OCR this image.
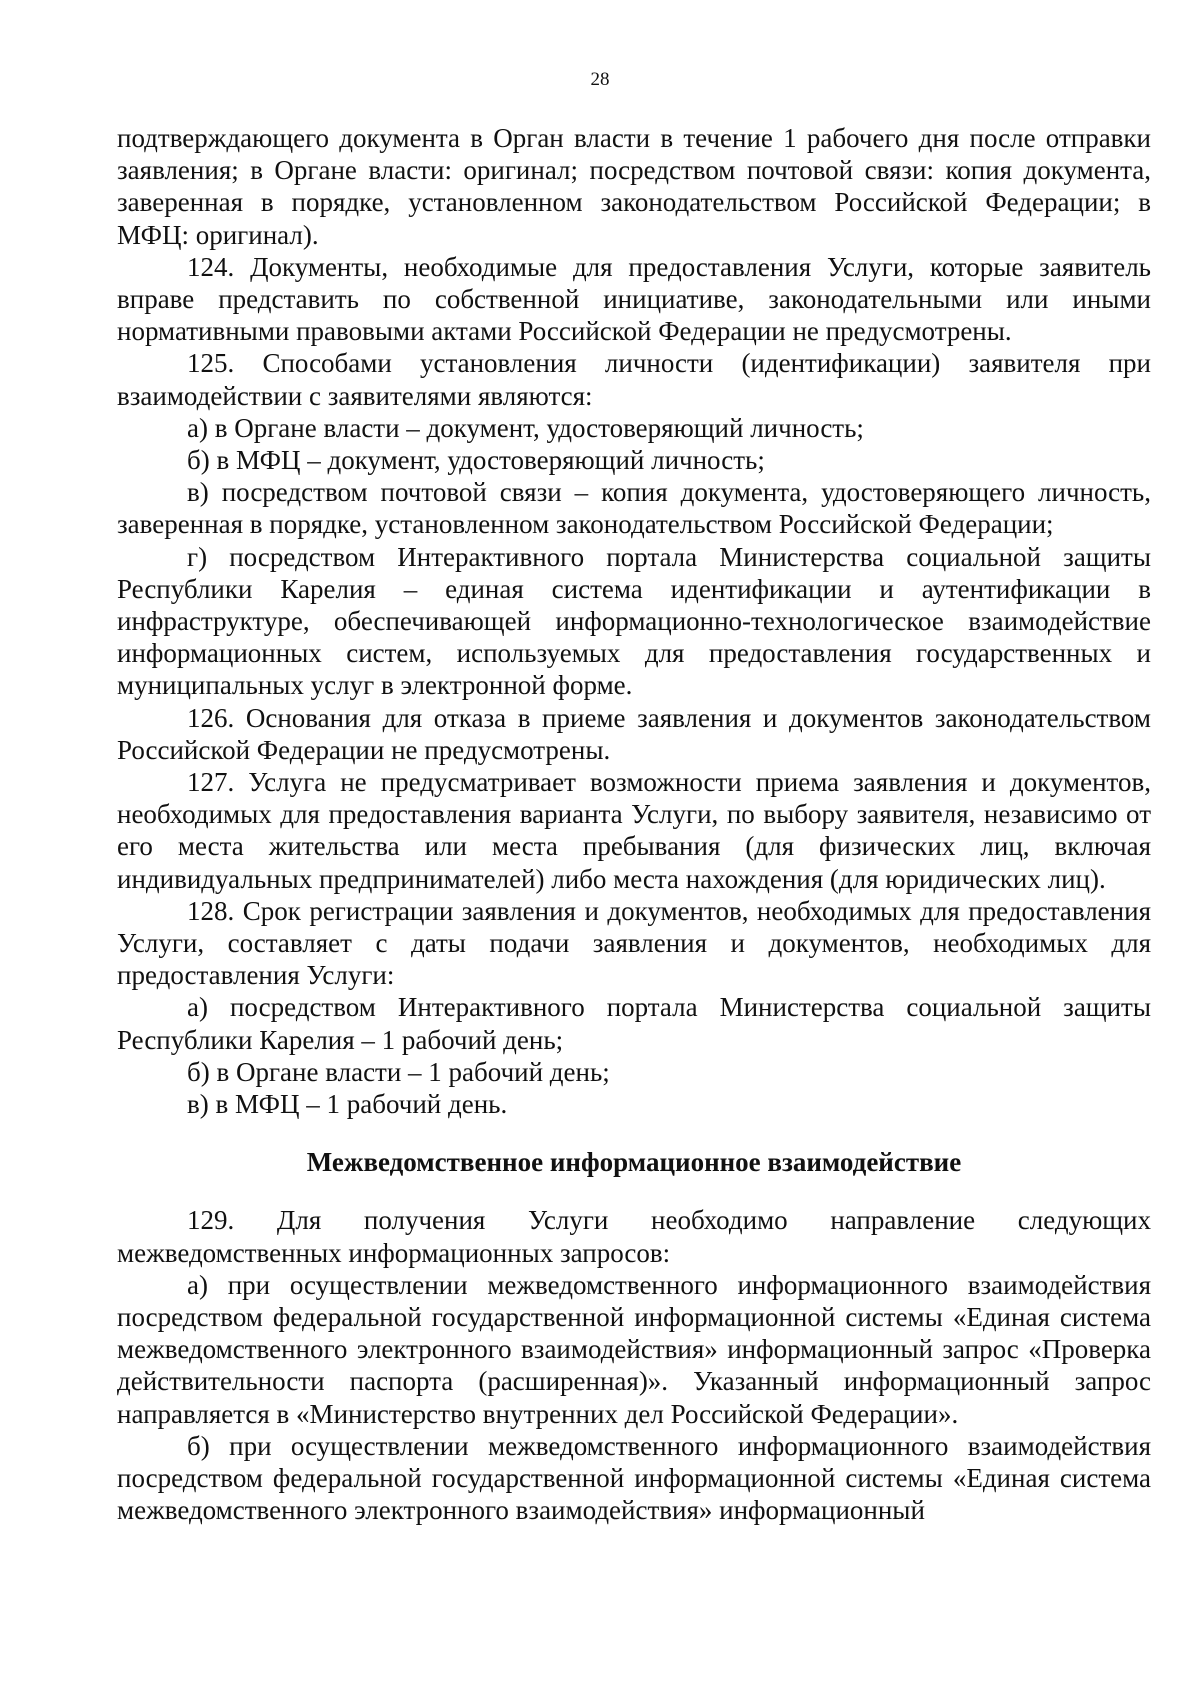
28

подтверждающего документа в Орган власти в течение 1 рабочего дня после отправки заявления; в Органе власти: оригинал; посредством почтовой связи: копия документа, заверенная в порядке, установленном законодательством Российской Федерации; в МФЦ: оригинал).

124. Документы, необходимые для предоставления Услуги, которые заявитель вправе представить по собственной инициативе, законодательными или иными нормативными правовыми актами Российской Федерации не предусмотрены.

125. Способами установления личности (идентификации) заявителя при взаимодействии с заявителями являются:

а) в Органе власти – документ, удостоверяющий личность;

б) в МФЦ – документ, удостоверяющий личность;

в) посредством почтовой связи – копия документа, удостоверяющего личность, заверенная в порядке, установленном законодательством Российской Федерации;

г) посредством Интерактивного портала Министерства социальной защиты Республики Карелия – единая система идентификации и аутентификации в инфраструктуре, обеспечивающей информационно-технологическое взаимодействие информационных систем, используемых для предоставления государственных и муниципальных услуг в электронной форме.

126. Основания для отказа в приеме заявления и документов законодательством Российской Федерации не предусмотрены.

127. Услуга не предусматривает возможности приема заявления и документов, необходимых для предоставления варианта Услуги, по выбору заявителя, независимо от его места жительства или места пребывания (для физических лиц, включая индивидуальных предпринимателей) либо места нахождения (для юридических лиц).

128. Срок регистрации заявления и документов, необходимых для предоставления Услуги, составляет с даты подачи заявления и документов, необходимых для предоставления Услуги:

а) посредством Интерактивного портала Министерства социальной защиты Республики Карелия – 1 рабочий день;

б) в Органе власти – 1 рабочий день;

в) в МФЦ – 1 рабочий день.

Межведомственное информационное взаимодействие

129. Для получения Услуги необходимо направление следующих межведомственных информационных запросов:

а) при осуществлении межведомственного информационного взаимодействия посредством федеральной государственной информационной системы «Единая система межведомственного электронного взаимодействия» информационный запрос «Проверка действительности паспорта (расширенная)». Указанный информационный запрос направляется в «Министерство внутренних дел Российской Федерации».

б) при осуществлении межведомственного информационного взаимодействия посредством федеральной государственной информационной системы «Единая система межведомственного электронного взаимодействия» информационный
